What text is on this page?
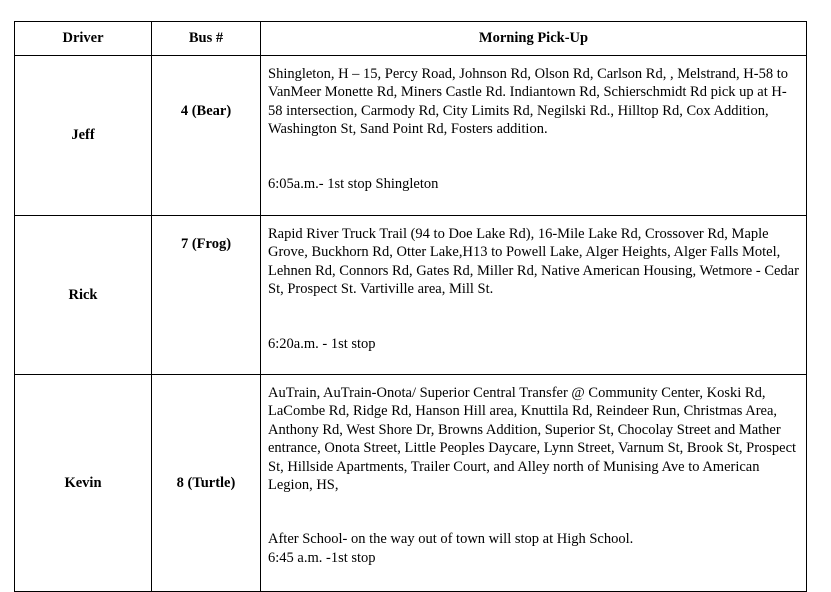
Driver	Bus #	Morning Pick-Up
Jeff	4 (Bear)	Shingleton, H – 15, Percy Road, Johnson Rd, Olson Rd, Carlson Rd, , Melstrand, H-58 to VanMeer Monette Rd, Miners Castle Rd. Indiantown Rd, Schierschmidt Rd pick up at H-58 intersection, Carmody Rd, City Limits Rd, Negilski Rd., Hilltop Rd, Cox Addition, Washington St, Sand Point Rd, Fosters addition.

6:05a.m.- 1st stop Shingleton

Rick	7 (Frog)	Rapid River Truck Trail (94 to Doe Lake Rd), 16-Mile Lake Rd, Crossover Rd, Maple Grove, Buckhorn Rd, Otter Lake,H13 to Powell Lake, Alger Heights, Alger Falls Motel, Lehnen Rd, Connors Rd, Gates Rd, Miller Rd, Native American Housing, Wetmore - Cedar St, Prospect St. Vartiville area, Mill St.

6:20a.m. - 1st stop

Kevin	8 (Turtle)	AuTrain, AuTrain-Onota/ Superior Central Transfer @ Community Center, Koski Rd, LaCombe Rd, Ridge Rd, Hanson Hill area, Knuttila Rd, Reindeer Run, Christmas Area, Anthony Rd, West Shore Dr, Browns Addition, Superior St, Chocolay Street and Mather entrance, Onota Street, Little Peoples Daycare, Lynn Street, Varnum St, Brook St, Prospect St, Hillside Apartments, Trailer Court, and Alley north of Munising Ave to American Legion, HS,

After School- on the way out of town will stop at High School.

6:45 a.m. -1st stop
